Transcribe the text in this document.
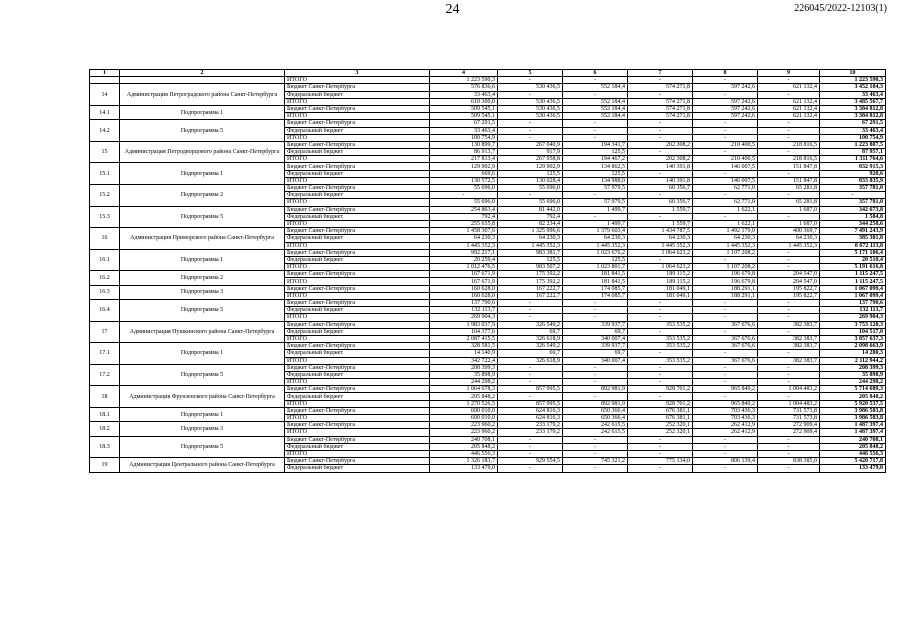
24	226045/2022-12103(1)
1	2	3	4	5	6	7	8	9	10
		ИТОГО	1 223 590,3	-	-	-	-	-	1 223 590,3
14	Администрация Петроградского района Санкт-Петербурга	Бюджет Санкт-Петербурга	576 836,6	530 436,5	552 184,4	574 271,8	597 242,6	621 132,4	3 452 104,3
		Федеральный бюджет	33 463,4	-	-	-	-	-	33 463,4
		ИТОГО	610 300,0	530 436,5	552 184,4	574 271,8	597 242,6	621 132,4	3 485 567,7
14.1	Подпрограмма 1	Бюджет Санкт-Петербурга	509 545,1	530 436,5	552 184,4	574 271,8	597 242,6	621 132,4	3 384 812,8
		ИТОГО	509 545,1	530 436,5	552 184,4	574 271,8	597 242,6	621 132,4	3 384 812,8
14.2	Подпрограмма 5	Бюджет Санкт-Петербурга	67 291,5	-	-	-	-	-	67 291,5
		Федеральный бюджет	33 463,4	-	-	-	-	-	33 463,4
		ИТОГО	100 754,9	-	-	-	-	-	100 754,9
15	Администрация Петродворцового района Санкт-Петербурга	Бюджет Санкт-Петербурга	130 899,7	267 040,9	194 341,7	202 308,2	210 400,5	218 816,5	1 223 807,5
		Федеральный бюджет	86 913,7	917,9	125,5	-	-	-	87 957,1
		ИТОГО	217 813,4	267 958,8	194 467,2	202 308,2	210 400,5	218 816,5	1 311 764,6
15.1	Подпрограмма 1	Бюджет Санкт-Петербурга	129 902,9	129 902,9	134 862,5	140 391,8	146 007,5	151 847,8	832 915,3
		Федеральный бюджет	669,6	125,5	125,5	-	-	-	920,6
		ИТОГО	130 572,5	130 028,4	134 988,0	140 391,8	146 007,5	151 847,8	833 835,9
15.2	Подпрограмма 2	Бюджет Санкт-Петербурга	55 696,0	55 696,0	57 979,5	60 356,7	62 771,0	65 281,8	357 781,0
		Федеральный бюджет	-	-	-	-	-	-	-
		ИТОГО	55 696,0	55 696,0	57 979,5	60 356,7	62 771,0	65 281,8	357 781,0
15.3	Подпрограмма 5	Бюджет Санкт-Петербурга	254 863,4	81 442,0	1 499,7	1 559,7	1 622,1	1 687,0	342 673,8
		Федеральный бюджет	792,4	792,4	-	-	-	-	1 584,8
		ИТОГО	255 655,8	82 234,4	1 499,7	1 559,7	1 622,1	1 687,0	344 258,6
16	Администрация Приморского района Санкт-Петербурга	Бюджет Санкт-Петербурга	1 458 307,6	1 325 996,6	1 379 603,4	1 434 787,5	1 492 179,0	400 369,7	7 491 243,9
		Федеральный бюджет	64 230,3	64 230,3	64 230,3	64 230,3	64 230,3	64 230,3	385 381,8
		ИТОГО	1 445 352,3	1 445 352,3	1 445 352,3	1 445 352,3	1 445 352,3	1 445 352,3	8 672 113,8
16.1	Подпрограмма 1	Бюджет Санкт-Петербурга	992 217,1	983 381,7	1 023 676,2	1 064 623,2	1 107 208,2	-	5 171 106,4
		Федеральный бюджет	20 259,4	125,5	125,5	-	-	-	20 510,4
		ИТОГО	1 012 476,5	983 507,2	1 023 801,7	1 064 623,2	1 107 208,2	-	5 191 616,8
16.2	Подпрограмма 2	Бюджет Санкт-Петербурга	167 671,9	175 392,2	181 841,5	189 115,2	196 679,8	204 547,0	1 115 247,5
		ИТОГО	167 671,9	175 392,2	181 841,5	189 115,2	196 679,8	204 547,0	1 115 247,5
16.3	Подпрограмма 3	Бюджет Санкт-Петербурга	160 628,0	167 222,7	174 085,7	181 049,1	188 291,1	195 822,7	1 067 099,4
		ИТОГО	160 628,0	167 222,7	174 085,7	181 049,1	188 291,1	195 822,7	1 067 099,4
16.4	Подпрограмма 5	Бюджет Санкт-Петербурга	137 790,6	-	-	-	-	-	137 790,6
		Федеральный бюджет	132 113,7	-	-	-	-	-	132 113,7
		ИТОГО	269 904,3	-	-	-	-	-	269 904,3
17	Администрация Пушкинского района Санкт-Петербурга	Бюджет Санкт-Петербурга	1 983 037,9	326 549,2	339 937,7	353 535,2	367 676,6	382 383,7	3 753 120,3
		Федеральный бюджет	104 377,6	69,7	69,7	-	-	-	104 517,0
		ИТОГО	2 087 415,5	326 618,9	340 007,4	353 535,2	367 676,6	382 383,7	3 857 637,3
17.1	Подпрограмма 1	Бюджет Санкт-Петербурга	328 581,5	326 549,2	339 937,7	353 535,2	367 676,6	382 383,7	2 098 663,9
		Федеральный бюджет	14 140,9	69,7	69,7	-	-	-	14 280,3
		ИТОГО	342 722,4	326 618,9	340 007,4	353 535,2	367 676,6	382 383,7	2 112 944,2
17.2	Подпрограмма 5	Бюджет Санкт-Петербурга	208 399,3	-	-	-	-	-	208 399,3
		Федеральный бюджет	35 898,9	-	-	-	-	-	35 898,9
		ИТОГО	244 298,2	-	-	-	-	-	244 298,2
18	Администрация Фрунзенского района Санкт-Петербурга	Бюджет Санкт-Петербурга	1 064 678,3	857 995,5	892 981,9	928 701,2	965 849,2	1 004 483,2	5 714 689,3
		Федеральный бюджет	205 848,2	-	-	-	-	-	205 848,2
		ИТОГО	1 270 526,5	857 995,5	892 981,9	928 701,2	965 849,2	1 004 483,2	5 920 537,5
18.1	Подпрограмма 1	Бюджет Санкт-Петербурга	600 010,0	624 816,3	650 366,4	676 381,1	703 436,3	731 573,8	3 986 583,8
		ИТОГО	600 010,0	624 816,3	650 366,4	676 381,1	703 436,3	731 573,8	3 986 583,8
18.2	Подпрограмма 3	Бюджет Санкт-Петербурга	223 960,2	233 179,2	242 615,5	252 320,1	262 412,9	272 909,4	1 487 397,4
		ИТОГО	223 960,2	233 179,2	242 615,5	252 320,1	262 412,9	272 909,4	1 487 397,4
18.3	Подпрограмма 5	Бюджет Санкт-Петербурга	240 708,1	-	-	-	-	-	240 708,1
		Федеральный бюджет	205 848,2	-	-	-	-	-	205 848,2
		ИТОГО	446 556,3	-	-	-	-	-	446 556,3
19	Администрация Центрального района Санкт-Петербурга	Бюджет Санкт-Петербурга	1 326 183,7	929 554,5	745 321,2	775 134,0	806 139,4	838 385,0	5 420 717,8
		Федеральный бюджет	133 479,0	-	-	-	-	-	133 479,0
